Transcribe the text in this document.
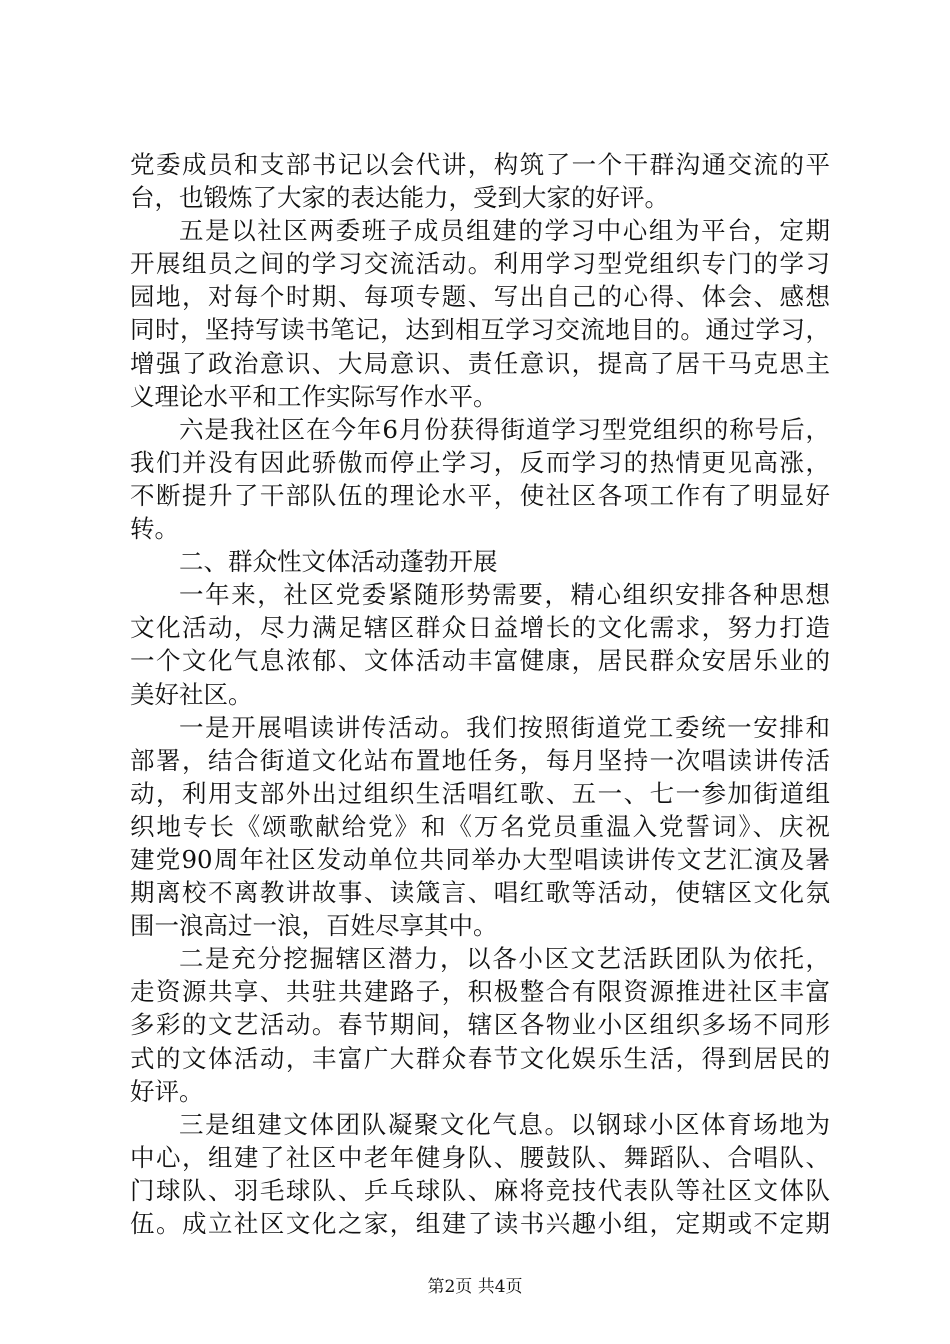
党委成员和支部书记以会代讲，构筑了一个干群沟通交流的平
台，也锻炼了大家的表达能力，受到大家的好评。
五是以社区两委班子成员组建的学习中心组为平台，定期
开展组员之间的学习交流活动。利用学习型党组织专门的学习
园地，对每个时期、每项专题、写出自己的心得、体会、感想
同时，坚持写读书笔记，达到相互学习交流地目的。通过学习，
增强了政治意识、大局意识、责任意识，提高了居干马克思主
义理论水平和工作实际写作水平。
六是我社区在今年6月份获得街道学习型党组织的称号后，
我们并没有因此骄傲而停止学习，反而学习的热情更见高涨，
不断提升了干部队伍的理论水平，使社区各项工作有了明显好
转。
二、群众性文体活动蓬勃开展
一年来，社区党委紧随形势需要，精心组织安排各种思想
文化活动，尽力满足辖区群众日益增长的文化需求，努力打造
一个文化气息浓郁、文体活动丰富健康，居民群众安居乐业的
美好社区。
一是开展唱读讲传活动。我们按照街道党工委统一安排和
部署，结合街道文化站布置地任务，每月坚持一次唱读讲传活
动，利用支部外出过组织生活唱红歌、五一、七一参加街道组
织地专长《颂歌献给党》和《万名党员重温入党誓词》、庆祝
建党90周年社区发动单位共同举办大型唱读讲传文艺汇演及暑
期离校不离教讲故事、读箴言、唱红歌等活动，使辖区文化氛
围一浪高过一浪，百姓尽享其中。
二是充分挖掘辖区潜力，以各小区文艺活跃团队为依托，
走资源共享、共驻共建路子，积极整合有限资源推进社区丰富
多彩的文艺活动。春节期间，辖区各物业小区组织多场不同形
式的文体活动，丰富广大群众春节文化娱乐生活，得到居民的
好评。
三是组建文体团队凝聚文化气息。以钢球小区体育场地为
中心，组建了社区中老年健身队、腰鼓队、舞蹈队、合唱队、
门球队、羽毛球队、乒乓球队、麻将竞技代表队等社区文体队
伍。成立社区文化之家，组建了读书兴趣小组，定期或不定期
第2页 共4页
